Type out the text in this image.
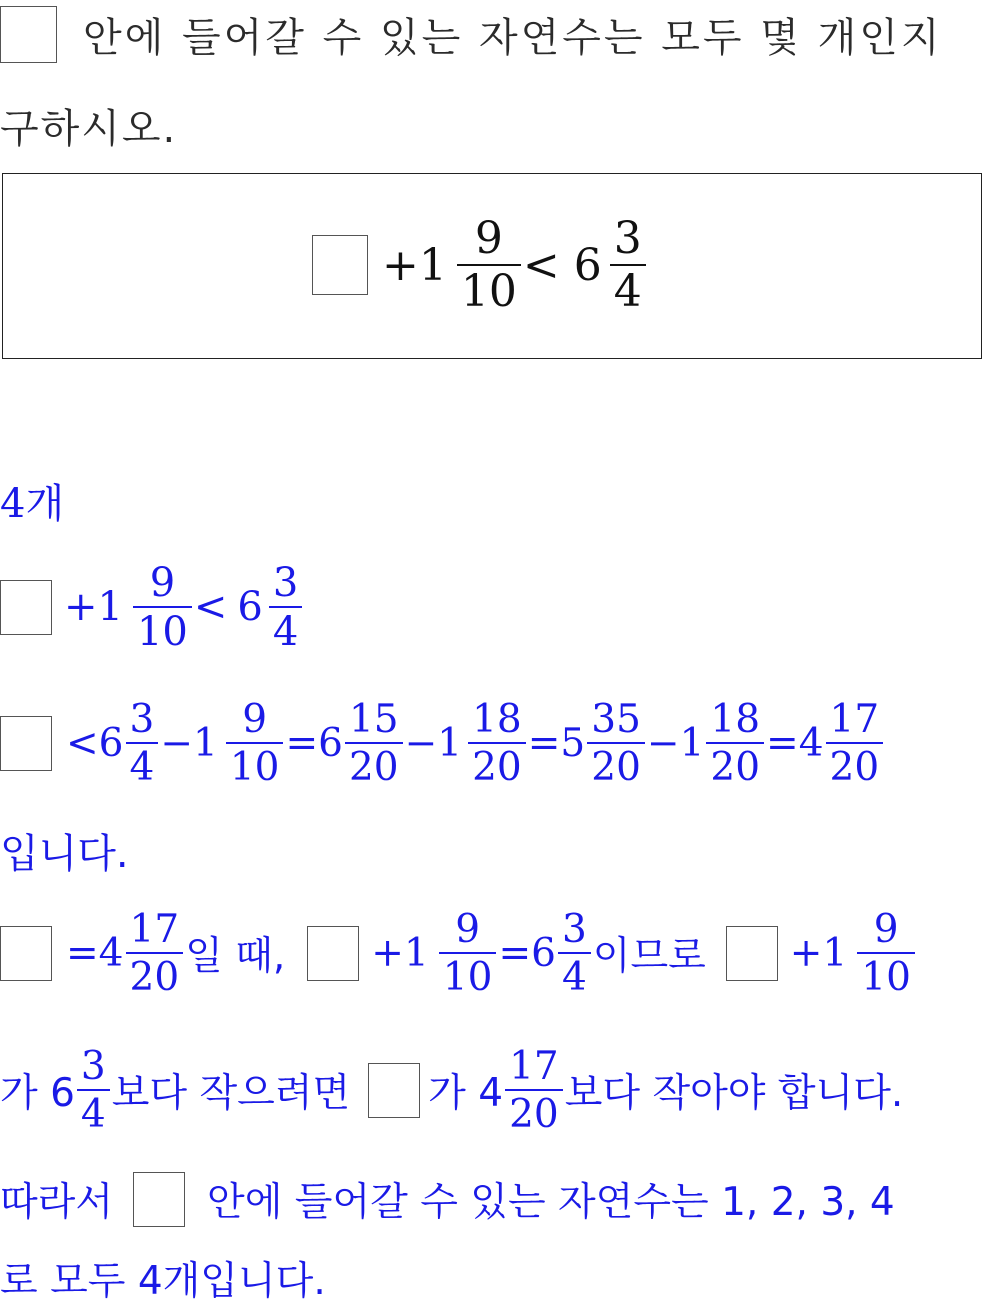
안에 들어갈 수 있는 자연수는 모두 몇 개인지
구하시오.
$+1 \frac{9}{10} < 6 \frac{3}{4}$
4개
$+1 \frac{9}{10} < 6 \frac{3}{4}$
$<6 \frac{3}{4} -1 \frac{9}{10} =6 \frac{15}{20} -1 \frac{18}{20} =5 \frac{35}{20} -1 \frac{18}{20} =4 \frac{17}{20}$
입니다.
$=4 \frac{17}{20}$ 일 때, $+1 \frac{9}{10} =6 \frac{3}{4}$ 이므로 $+1 \frac{9}{10}$
가 $6 \frac{3}{4}$ 보다 작으려면 가 $4 \frac{17}{20}$ 보다 작아야 합니다.
따라서 안에 들어갈 수 있는 자연수는 1, 2, 3, 4
로 모두 4개입니다.
